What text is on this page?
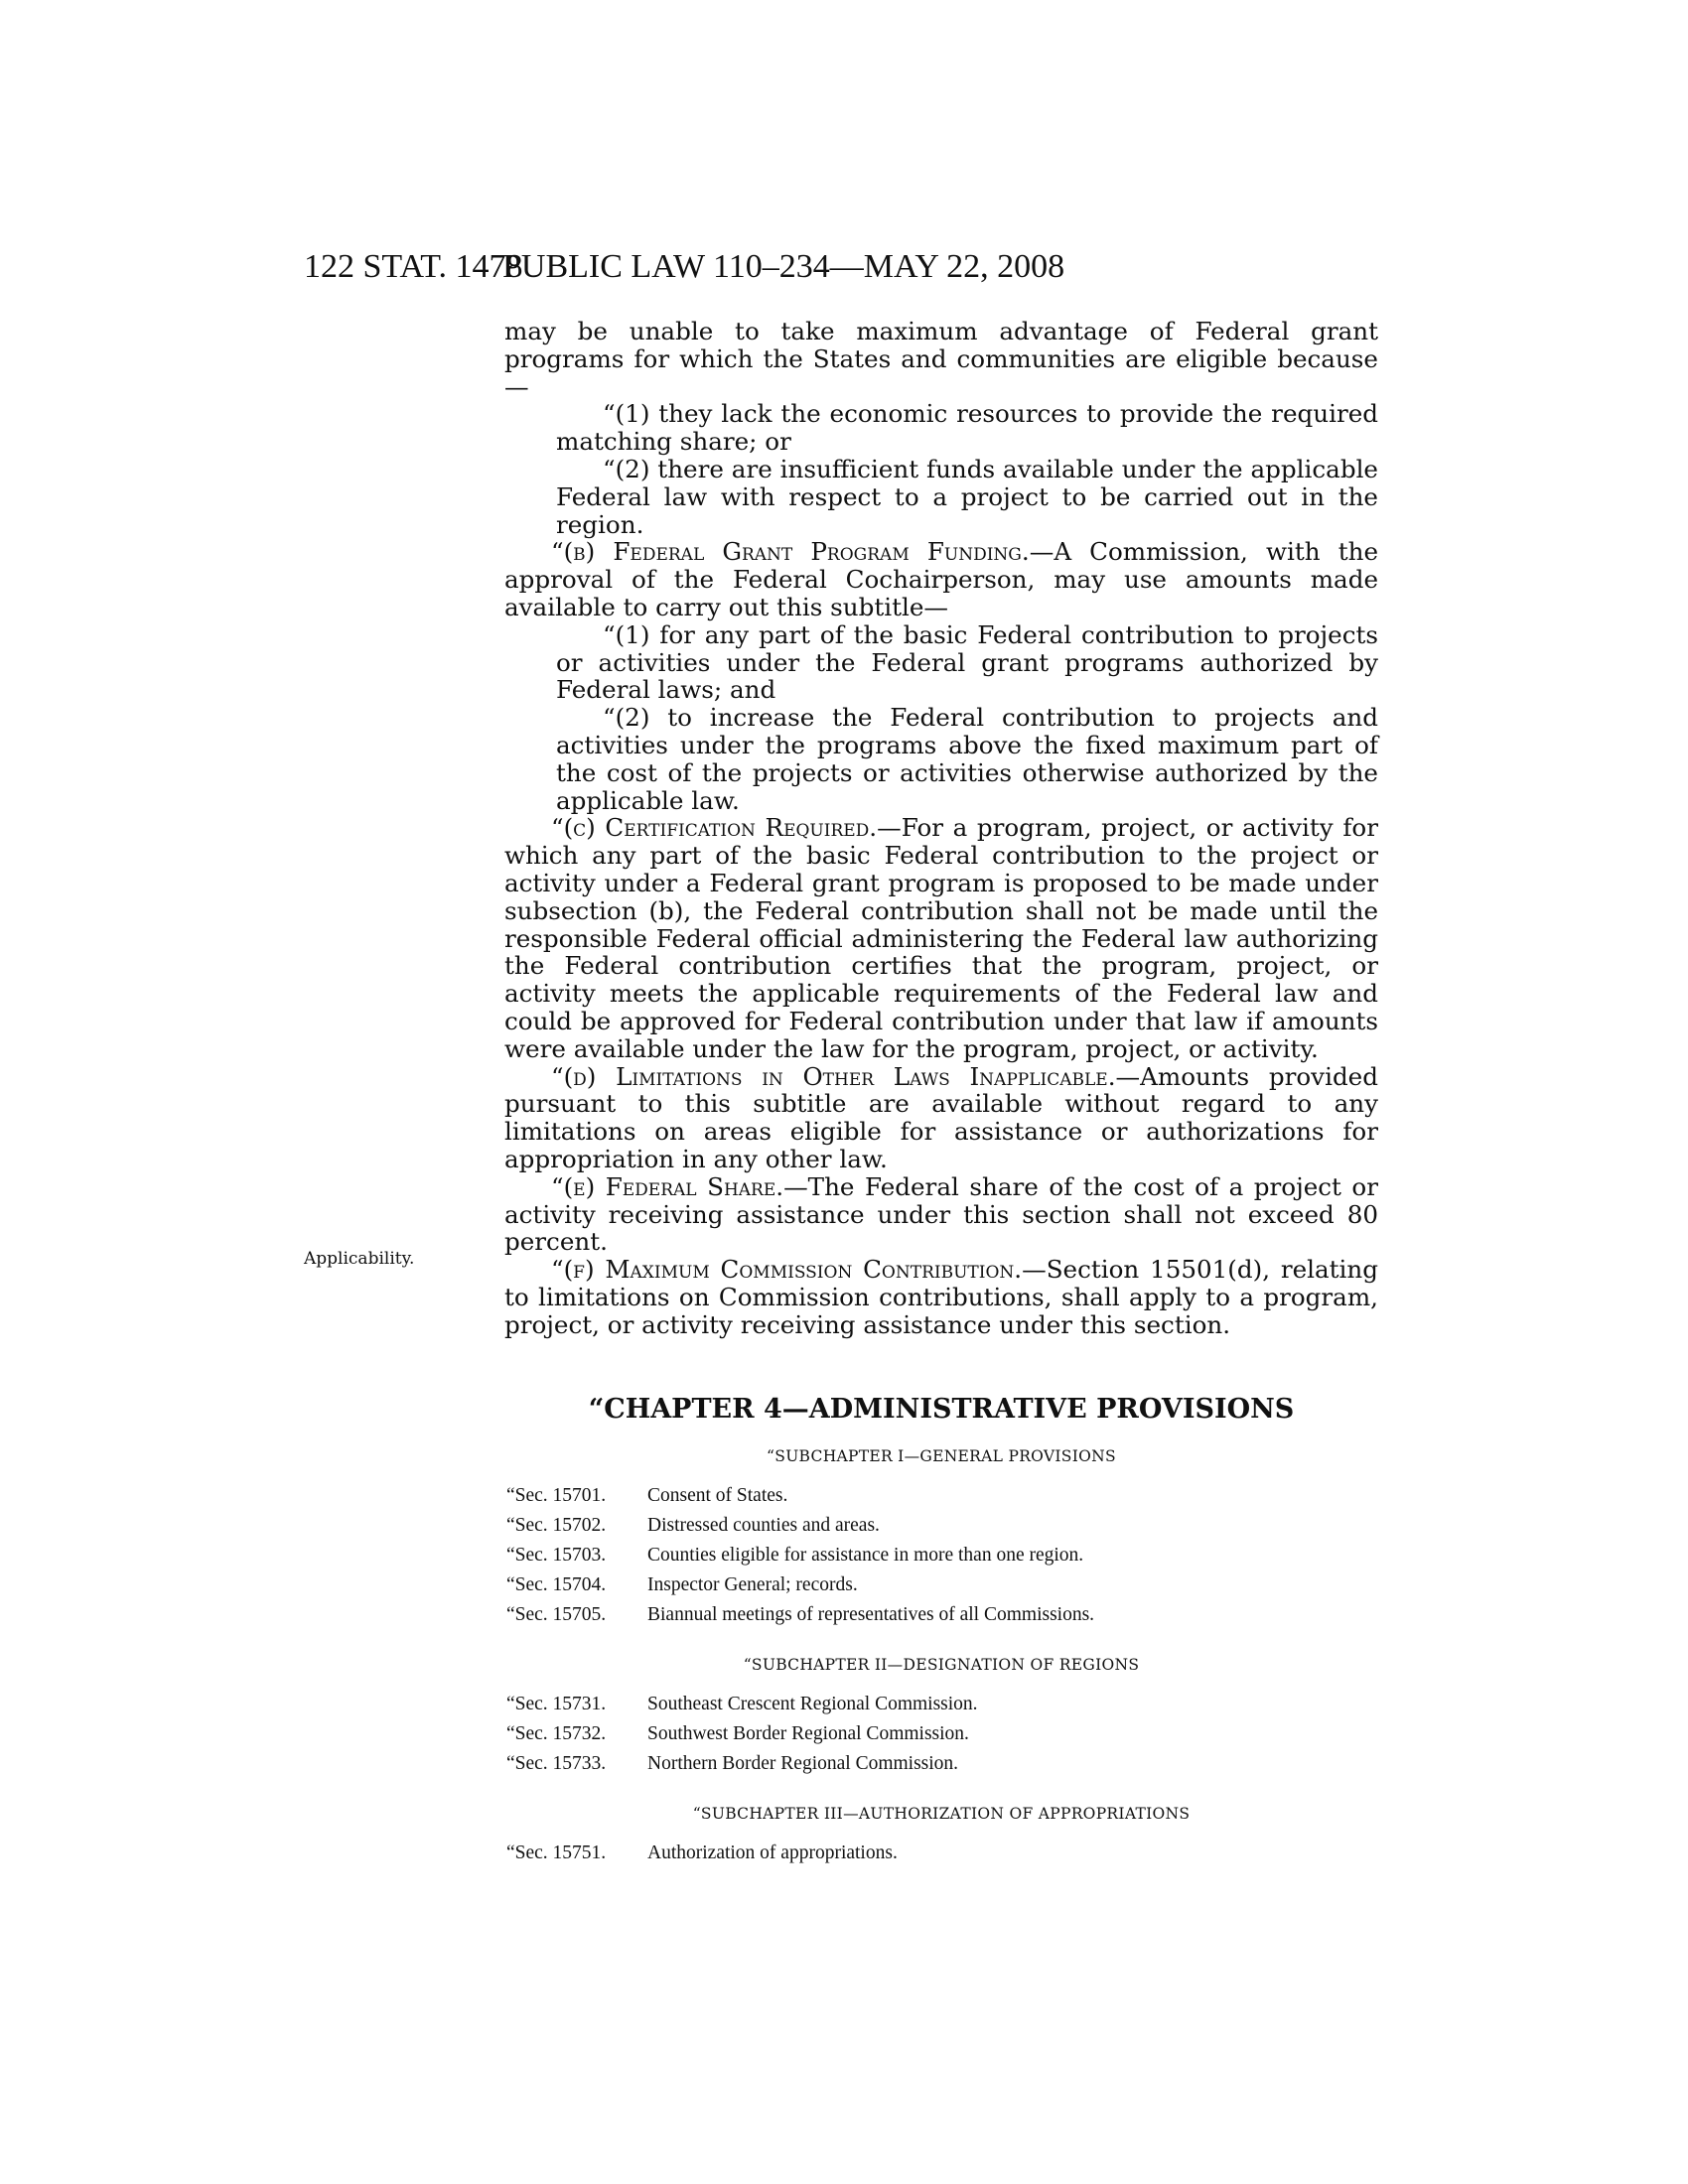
122 STAT. 1478
PUBLIC LAW 110–234—MAY 22, 2008

may be unable to take maximum advantage of Federal grant programs for which the States and communities are eligible because—

“(1) they lack the economic resources to provide the required matching share; or

“(2) there are insufficient funds available under the applicable Federal law with respect to a project to be carried out in the region.

“(b) Federal Grant Program Funding.—A Commission, with the approval of the Federal Cochairperson, may use amounts made available to carry out this subtitle—

“(1) for any part of the basic Federal contribution to projects or activities under the Federal grant programs authorized by Federal laws; and

“(2) to increase the Federal contribution to projects and activities under the programs above the fixed maximum part of the cost of the projects or activities otherwise authorized by the applicable law.

“(c) Certification Required.—For a program, project, or activity for which any part of the basic Federal contribution to the project or activity under a Federal grant program is proposed to be made under subsection (b), the Federal contribution shall not be made until the responsible Federal official administering the Federal law authorizing the Federal contribution certifies that the program, project, or activity meets the applicable requirements of the Federal law and could be approved for Federal contribution under that law if amounts were available under the law for the program, project, or activity.

“(d) Limitations in Other Laws Inapplicable.—Amounts provided pursuant to this subtitle are available without regard to any limitations on areas eligible for assistance or authorizations for appropriation in any other law.

“(e) Federal Share.—The Federal share of the cost of a project or activity receiving assistance under this section shall not exceed 80 percent.

“(f) Maximum Commission Contribution.—Section 15501(d), relating to limitations on Commission contributions, shall apply to a program, project, or activity receiving assistance under this section.

Applicability.
“CHAPTER 4—ADMINISTRATIVE PROVISIONS
“SUBCHAPTER I—GENERAL PROVISIONS
“Sec. 15701.	Consent of States.
“Sec. 15702.	Distressed counties and areas.
“Sec. 15703.	Counties eligible for assistance in more than one region.
“Sec. 15704.	Inspector General; records.
“Sec. 15705.	Biannual meetings of representatives of all Commissions.
“SUBCHAPTER II—DESIGNATION OF REGIONS
“Sec. 15731.	Southeast Crescent Regional Commission.
“Sec. 15732.	Southwest Border Regional Commission.
“Sec. 15733.	Northern Border Regional Commission.
“SUBCHAPTER III—AUTHORIZATION OF APPROPRIATIONS
“Sec. 15751.	Authorization of appropriations.
